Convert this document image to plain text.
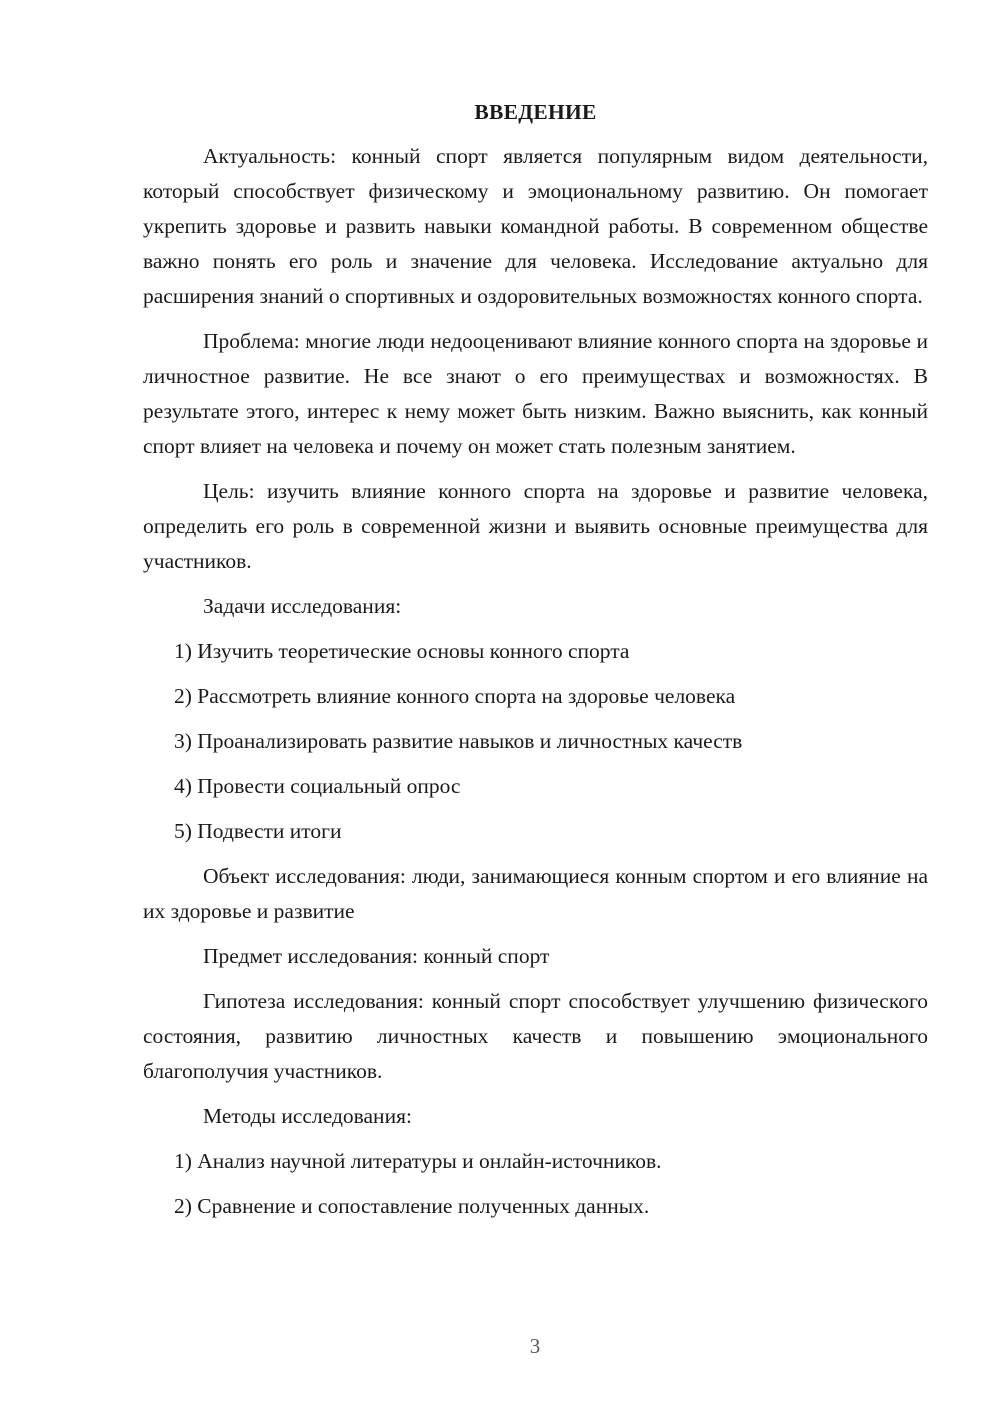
ВВЕДЕНИЕ

Актуальность: конный спорт является популярным видом деятельности, который способствует физическому и эмоциональному развитию. Он помогает укрепить здоровье и развить навыки командной работы. В современном обществе важно понять его роль и значение для человека. Исследование актуально для расширения знаний о спортивных и оздоровительных возможностях конного спорта.

Проблема: многие люди недооценивают влияние конного спорта на здоровье и личностное развитие. Не все знают о его преимуществах и возможностях. В результате этого, интерес к нему может быть низким. Важно выяснить, как конный спорт влияет на человека и почему он может стать полезным занятием.

Цель: изучить влияние конного спорта на здоровье и развитие человека, определить его роль в современной жизни и выявить основные преимущества для участников.

Задачи исследования:

1) Изучить теоретические основы конного спорта
2) Рассмотреть влияние конного спорта на здоровье человека
3) Проанализировать развитие навыков и личностных качеств
4) Провести социальный опрос
5) Подвести итоги

Объект исследования: люди, занимающиеся конным спортом и его влияние на их здоровье и развитие

Предмет исследования: конный спорт

Гипотеза исследования: конный спорт способствует улучшению физического состояния, развитию личностных качеств и повышению эмоционального благополучия участников.

Методы исследования:

1) Анализ научной литературы и онлайн-источников.
2) Сравнение и сопоставление полученных данных.
3
